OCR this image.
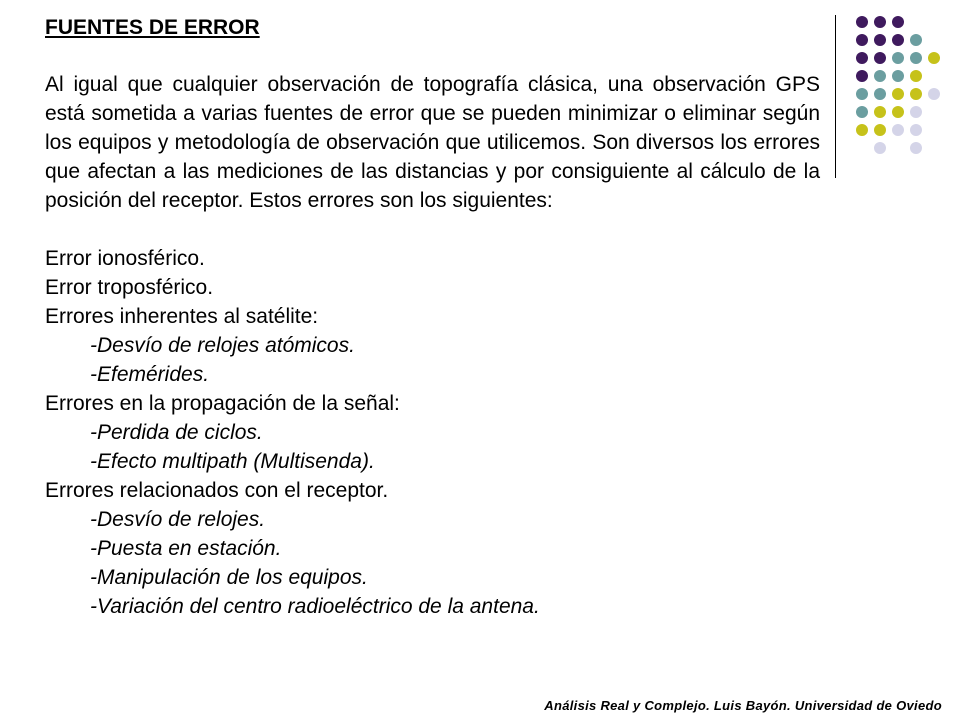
FUENTES DE ERROR

Al igual que cualquier observación de topografía clásica, una observación GPS está sometida a varias fuentes de error que se pueden minimizar o eliminar según los equipos y metodología de observación que utilicemos. Son diversos los errores que afectan a las mediciones de las distancias y por consiguiente al cálculo de la posición del receptor. Estos errores son los siguientes:

Error ionosférico.
Error troposférico.
Errores inherentes al satélite:
-Desvío de relojes atómicos.
-Efemérides.
Errores en la propagación de la señal:
-Perdida de ciclos.
-Efecto multipath (Multisenda).
Errores relacionados con el receptor.
-Desvío de relojes.
-Puesta en estación.
-Manipulación de los equipos.
-Variación del centro radioeléctrico de la antena.
Análisis Real y Complejo. Luis Bayón. Universidad de Oviedo
